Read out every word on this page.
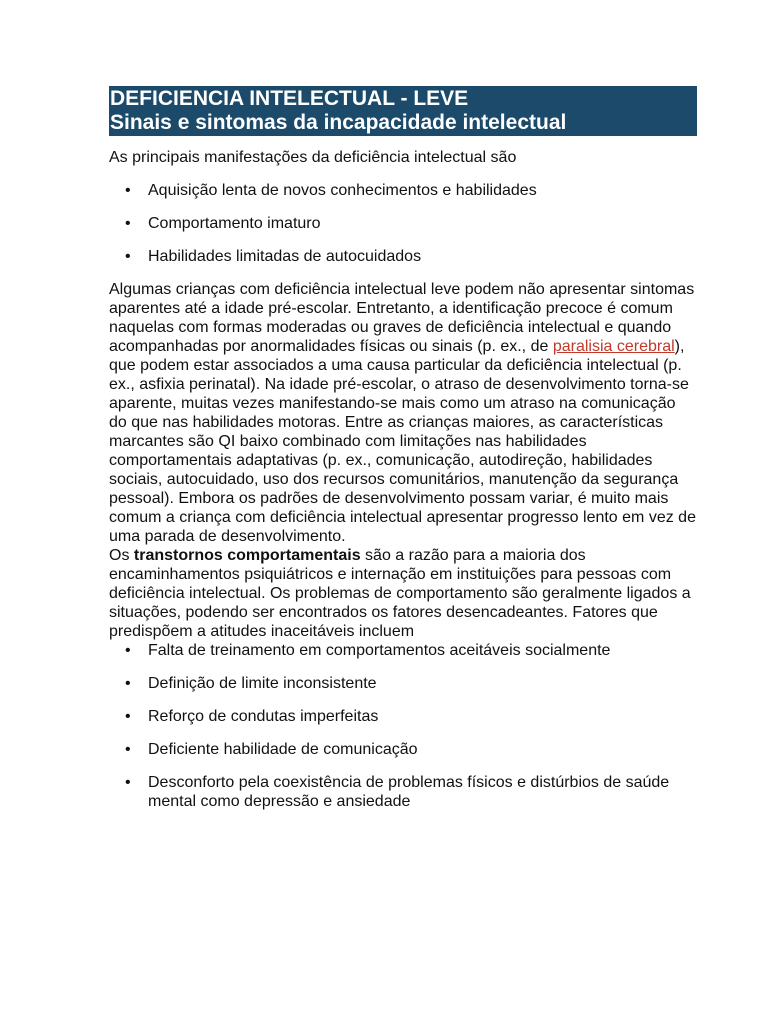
DEFICIENCIA INTELECTUAL - LEVE
Sinais e sintomas da incapacidade intelectual

As principais manifestações da deficiência intelectual são

• Aquisição lenta de novos conhecimentos e habilidades
• Comportamento imaturo
• Habilidades limitadas de autocuidados

Algumas crianças com deficiência intelectual leve podem não apresentar sintomas aparentes até a idade pré-escolar. Entretanto, a identificação precoce é comum naquelas com formas moderadas ou graves de deficiência intelectual e quando acompanhadas por anormalidades físicas ou sinais (p. ex., de paralisia cerebral), que podem estar associados a uma causa particular da deficiência intelectual (p. ex., asfixia perinatal). Na idade pré-escolar, o atraso de desenvolvimento torna-se aparente, muitas vezes manifestando-se mais como um atraso na comunicação do que nas habilidades motoras. Entre as crianças maiores, as características marcantes são QI baixo combinado com limitações nas habilidades comportamentais adaptativas (p. ex., comunicação, autodireção, habilidades sociais, autocuidado, uso dos recursos comunitários, manutenção da segurança pessoal). Embora os padrões de desenvolvimento possam variar, é muito mais comum a criança com deficiência intelectual apresentar progresso lento em vez de uma parada de desenvolvimento.

Os transtornos comportamentais são a razão para a maioria dos encaminhamentos psiquiátricos e internação em instituições para pessoas com deficiência intelectual. Os problemas de comportamento são geralmente ligados a situações, podendo ser encontrados os fatores desencadeantes. Fatores que predispõem a atitudes inaceitáveis incluem

• Falta de treinamento em comportamentos aceitáveis socialmente
• Definição de limite inconsistente
• Reforço de condutas imperfeitas
• Deficiente habilidade de comunicação
• Desconforto pela coexistência de problemas físicos e distúrbios de saúde mental como depressão e ansiedade
